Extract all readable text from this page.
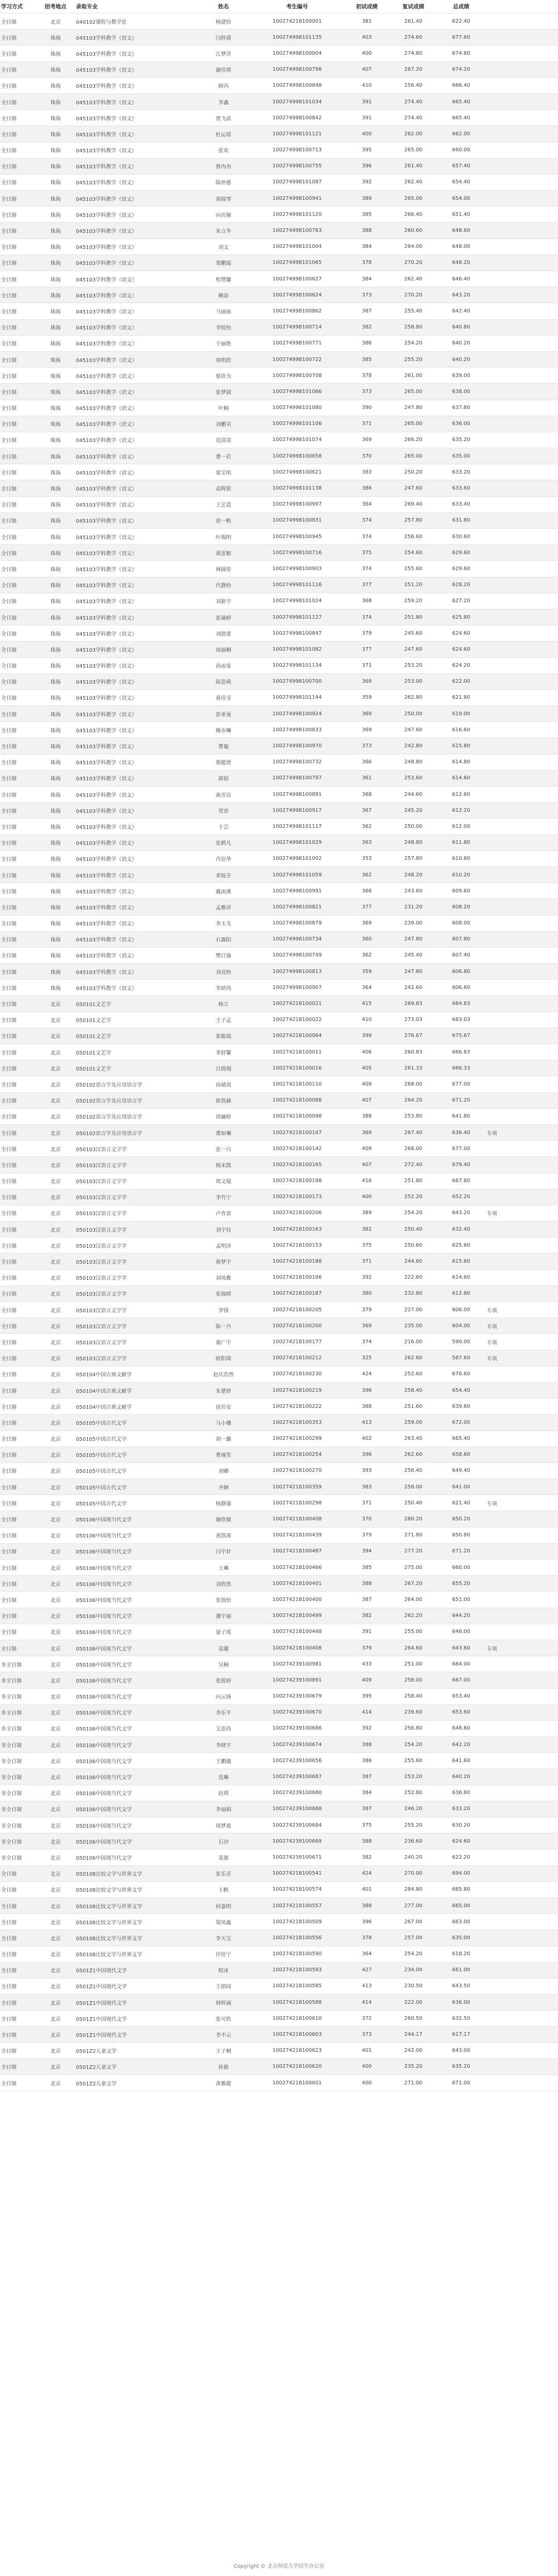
学习方式	招考地点	录取专业	姓名	考生编号	初试成绩	复试成绩	总成绩	
全日制	北京	040102课程与教学论	杨建怡	100274218100001	381	261.40	622.40	
全日制	珠海	045103学科教学（语文）	闫梓琦	100274998101135	403	274.60	677.60	
全日制	珠海	045103学科教学（语文）	江梦洋	100274998100004	400	274.80	674.80	
全日制	珠海	045103学科教学（语文）	谢佳琪	100274998100798	407	267.20	674.20	
全日制	珠海	045103学科教学（语文）	顾芮	100274998100848	410	256.40	666.40	
全日制	珠海	045103学科教学（语文）	李鑫	100274998101034	391	274.40	665.40	
全日制	珠海	045103学科教学（语文）	贾飞武	100274998100842	391	274.40	665.40	
全日制	珠海	045103学科教学（语文）	杜运瑶	100274998101121	400	262.00	662.00	
全日制	珠海	045103学科教学（语文）	张欢	100274998100713	395	265.00	660.00	
全日制	珠海	045103学科教学（语文）	蔡冉冉	100274998100755	396	261.40	657.40	
全日制	珠海	045103学科教学（语文）	陈仲慈	100274998101087	392	262.40	654.40	
全日制	珠海	045103学科教学（语文）	胡瑞琴	100274998100941	389	265.00	654.00	
全日制	珠海	045103学科教学（语文）	向若婉	100274998101120	385	266.40	651.40	
全日制	珠海	045103学科教学（语文）	朱立冬	100274998100783	388	260.60	648.60	
全日制	珠海	045103学科教学（语文）	刘文	100274998101004	384	264.00	648.00	
全日制	珠海	045103学科教学（语文）	郑鹏瑞	100274998101065	378	270.20	648.20	
全日制	珠海	045103学科教学（语文）	程赞馨	100274998100627	384	262.40	646.40	
全日制	珠海	045103学科教学（语文）	柳添	100274998100624	373	270.20	643.20	
全日制	珠海	045103学科教学（语文）	马丽丽	100274998100862	387	255.40	642.40	
全日制	珠海	045103学科教学（语文）	李锐怡	100274998100714	382	258.80	640.80	
全日制	珠海	045103学科教学（语文）	于丽艳	100274998100771	386	254.20	640.20	
全日制	珠海	045103学科教学（语文）	周明欣	100274998100722	385	255.20	640.20	
全日制	珠海	045103学科教学（语文）	蔡钦为	100274998100708	378	261.00	639.00	
全日制	珠海	045103学科教学（语文）	张梦淑	100274998101066	373	265.00	638.00	
全日制	珠海	045103学科教学（语文）	叶楠	100274998101080	390	247.80	637.80	
全日制	珠海	045103学科教学（语文）	刘鹏昊	100274998101106	371	265.00	636.00	
全日制	珠海	045103学科教学（语文）	范清清	100274998101074	369	266.20	635.20	
全日制	珠海	045103学科教学（语文）	曹一若	100274998100658	370	265.00	635.00	
全日制	珠海	045103学科教学（语文）	梁宝明	100274998100621	383	250.20	633.20	
全日制	珠海	045103学科教学（语文）	高辉银	100274998101138	386	247.60	633.60	
全日制	珠海	045103学科教学（语文）	王艺霞	100274998100997	364	269.40	633.40	
全日制	珠海	045103学科教学（语文）	徐一帆	100274998100831	374	257.80	631.80	
全日制	珠海	045103学科教学（语文）	叶锡明	100274998100945	374	256.60	630.60	
全日制	珠海	045103学科教学（语文）	黄思颖	100274998100716	375	254.60	629.60	
全日制	珠海	045103学科教学（语文）	林圆彤	100274998100903	374	255.60	629.60	
全日制	珠海	045103学科教学（语文）	代静怡	100274998101116	377	251.20	628.20	
全日制	珠海	045103学科教学（语文）	刘新宇	100274998101024	368	259.20	627.20	
全日制	珠海	045103学科教学（语文）	张瑜婷	100274998101127	374	251.80	625.80	
全日制	珠海	045103学科教学（语文）	刘凯蕾	100274998100847	379	245.60	624.60	
全日制	珠海	045103学科教学（语文）	周丽桐	100274998101082	377	247.60	624.60	
全日制	珠海	045103学科教学（语文）	孙雨霏	100274998101134	371	253.20	624.20	
全日制	珠海	045103学科教学（语文）	陈思萌	100274998100700	369	253.00	622.00	
全日制	珠海	045103学科教学（语文）	蒋佳莹	100274998101144	359	262.80	621.80	
全日制	珠海	045103学科教学（语文）	彭亚曼	100274998100924	369	250.00	619.00	
全日制	珠海	045103学科教学（语文）	姚亦琳	100274998100833	369	247.60	616.60	
全日制	珠海	045103学科教学（语文）	曹璇	100274998100970	373	242.80	615.80	
全日制	珠海	045103学科教学（语文）	蔡懿澄	100274998100732	366	248.80	614.80	
全日制	珠海	045103学科教学（语文）	郭娟	100274998100797	361	253.60	614.60	
全日制	珠海	045103学科教学（语文）	曲芳洁	100274998100891	368	244.60	612.60	
全日制	珠海	045103学科教学（语文）	贺晋	100274998100917	367	245.20	612.20	
全日制	珠海	045103学科教学（语文）	于芸	100274998101117	362	250.00	612.00	
全日制	珠海	045103学科教学（语文）	张鹤凡	100274998101029	363	248.80	611.80	
全日制	珠海	045103学科教学（语文）	肖宸华	100274998101002	353	257.80	610.80	
全日制	珠海	045103学科教学（语文）	邓锐芳	100274998101059	362	248.20	610.20	
全日制	珠海	045103学科教学（语文）	戴雨溪	100274998100991	366	243.60	609.60	
全日制	珠海	045103学科教学（语文）	孟雅萍	100274998100821	377	231.20	608.20	
全日制	珠海	045103学科教学（语文）	李玉戈	100274998100879	369	239.00	608.00	
全日制	珠海	045103学科教学（语文）	石露阳	100274998100734	360	247.80	607.80	
全日制	珠海	045103学科教学（语文）	樊玎瑜	100274998100749	362	245.40	607.40	
全日制	珠海	045103学科教学（语文）	刘竞怡	100274998100813	359	247.80	606.80	
全日制	珠海	045103学科教学（语文）	李妍尚	100274998100907	364	242.60	606.60	
全日制	北京	050101文艺学	杨立	100274218100021	415	269.83	684.83	
全日制	北京	050101文艺学	王子孟	100274218100022	410	273.03	683.03	
全日制	北京	050101文艺学	张聪瑞	100274218100064	399	276.67	675.67	
全日制	北京	050101文艺学	李舒馨	100274218100011	406	260.83	666.83	
全日制	北京	050101文艺学	吕锦翔	100274218100016	405	261.33	666.33	
全日制	北京	050102语言学及应用语言学	孙婧岚	100274218100110	409	268.00	677.00	
全日制	北京	050102语言学及应用语言学	崔凯赫	100274218100088	407	264.20	671.20	
全日制	北京	050102语言学及应用语言学	周骊婷	100274218100098	388	253.80	641.80	
全日制	北京	050102语言学及应用语言学	费如琳	100274218100107	369	267.40	636.40	专项
全日制	北京	050103汉语言文字学	张一白	100274218100142	409	268.00	677.00	
全日制	北京	050103汉语言文字学	杨宋凯	100274218100165	407	272.40	679.40	
全日制	北京	050103汉语言文字学	周文瑞	100274218100198	416	251.80	667.80	
全日制	北京	050103汉语言文字学	李竹宁	100274218100173	400	252.20	652.20	
全日制	北京	050103汉语言文字学	卢育雷	100274218100206	389	254.20	643.20	专项
全日制	北京	050103汉语言文字学	刘宇钰	100274218100163	382	250.40	632.40	
全日制	北京	050103汉语言文字学	孟明泽	100274218100153	375	250.60	625.60	
全日制	北京	050103汉语言文字学	蒋梦宇	100274218100188	371	244.60	615.60	
全日制	北京	050103汉语言文字学	刘凤雅	100274218100166	392	222.60	614.60	
全日制	北京	050103汉语言文字学	张瑞晴	100274218100187	380	232.80	612.80	
全日制	北京	050103汉语言文字学	李锋	100274218100205	379	227.00	606.00	专项
全日制	北京	050103汉语言文字学	陈一丹	100274218100200	369	235.00	604.00	专项
全日制	北京	050103汉语言文字学	康广宇	100274218100177	374	216.00	590.00	专项
全日制	北京	050103汉语言文字学	欧阳琦	100274218100212	325	262.60	587.60	专项
全日制	北京	050104中国古典文献学	赵庆浩然	100274218100230	424	252.60	676.60	
全日制	北京	050104中国古典文献学	朱楚妍	100274218100219	396	258.40	654.40	
全日制	北京	050104中国古典文献学	徐若安	100274218100222	388	251.60	639.60	
全日制	北京	050105中国古代文学	马小珊	100274218100353	413	259.00	672.00	
全日制	北京	050105中国古代文学	胡一璐	100274218100299	402	263.40	665.40	
全日制	北京	050105中国古代文学	曹瑾笑	100274218100254	396	262.60	658.60	
全日制	北京	050105中国古代文学	刘卿	100274218100270	393	256.40	649.40	
全日制	北京	050105中国古代文学	齐婵	100274218100359	383	258.00	641.00	
全日制	北京	050105中国古代文学	杨静通	100274218100298	371	250.40	621.40	专项
全日制	北京	050106中国现当代文学	谢欣媛	100274218100408	370	280.20	650.20	
全日制	北京	050106中国现当代文学	黄凯茜	100274218100439	379	271.80	650.80	
全日制	北京	050106中国现当代文学	闫宇轩	100274218100487	394	277.20	671.20	
全日制	北京	050106中国现当代文学	王琳	100274218100466	385	275.00	660.00	
全日制	北京	050106中国现当代文学	刘欣然	100274218100401	388	267.20	655.20	
全日制	北京	050106中国现当代文学	张凯怡	100274218100400	387	264.00	651.00	
全日制	北京	050106中国现当代文学	潘宇丽	100274218100499	382	262.20	644.20	
全日制	北京	050106中国现当代文学	晏子瑶	100274218100448	391	255.00	646.00	
全日制	北京	050106中国现当代文学	袁越	100274218100408	379	264.60	643.60	专项
非全日制	北京	050106中国现当代文学	吴楠	100274239100981	433	251.00	684.00	
非全日制	北京	050106中国现当代文学	张锐婷	100274239100891	409	258.00	667.00	
非全日制	北京	050106中国现当代文学	向云锋	100274239100679	395	258.40	653.40	
非全日制	北京	050106中国现当代文学	李乐平	100274239100670	414	239.60	653.60	
非全日制	北京	050106中国现当代文学	艾思尚	100274239100686	392	256.80	648.80	
非全日制	北京	050106中国现当代文学	李晓宇	100274239100674	388	254.20	642.20	
非全日制	北京	050106中国现当代文学	王鹏越	100274239100656	386	255.60	641.60	
非全日制	北京	050106中国现当代文学	范琳	100274239100687	387	253.20	640.20	
非全日制	北京	050106中国现当代文学	赵琪	100274239100680	384	252.80	636.80	
非全日制	北京	050106中国现当代文学	李丽娟	100274239100688	387	246.20	633.20	
非全日制	北京	050106中国现当代文学	周梦盈	100274239100684	375	255.20	630.20	
非全日制	北京	050106中国现当代文学	石沙	100274239100669	388	236.60	624.60	
非全日制	北京	050106中国现当代文学	莫源	100274239100671	382	240.20	622.20	
全日制	北京	050108比较文学与世界文学	张乐芳	100274218100541	424	270.00	694.00	
全日制	北京	050108比较文学与世界文学	王帆	100274218100574	401	284.80	685.80	
全日制	北京	050108比较文学与世界文学	何嘉明	100274218100557	388	277.00	665.00	
全日制	北京	050108比较文学与世界文学	梁凤鑫	100274218100509	396	267.00	663.00	
全日制	北京	050108比较文学与世界文学	李天宝	100274218100556	378	257.00	635.00	
全日制	北京	050108比较文学与世界文学	许佳宁	100274218100590	364	254.20	618.20	
全日制	北京	0501Z1中国现代文学	程冰	100274218100593	427	234.00	661.00	
全日制	北京	0501Z1中国现代文学	王铭园	100274218100585	413	230.50	643.50	
全日制	北京	0501Z1中国现代文学	韩梓涵	100274218100588	414	222.00	636.00	
全日制	北京	0501Z1中国现代文学	张可欣	100274218100610	372	260.50	632.50	
全日制	北京	0501Z1中国现代文学	李不云	100274218100603	373	244.17	617.17	
全日制	北京	0501Z2儿童文学	王子桐	100274218100623	401	242.00	643.00	
全日制	北京	0501Z2儿童文学	孙毅	100274218100620	400	235.20	635.20	
全日制	北京	0501Z2儿童文学	黄雅懿	100274218100601	400	271.00	671.00	
Copyright © 北京师范大学招生办公室
